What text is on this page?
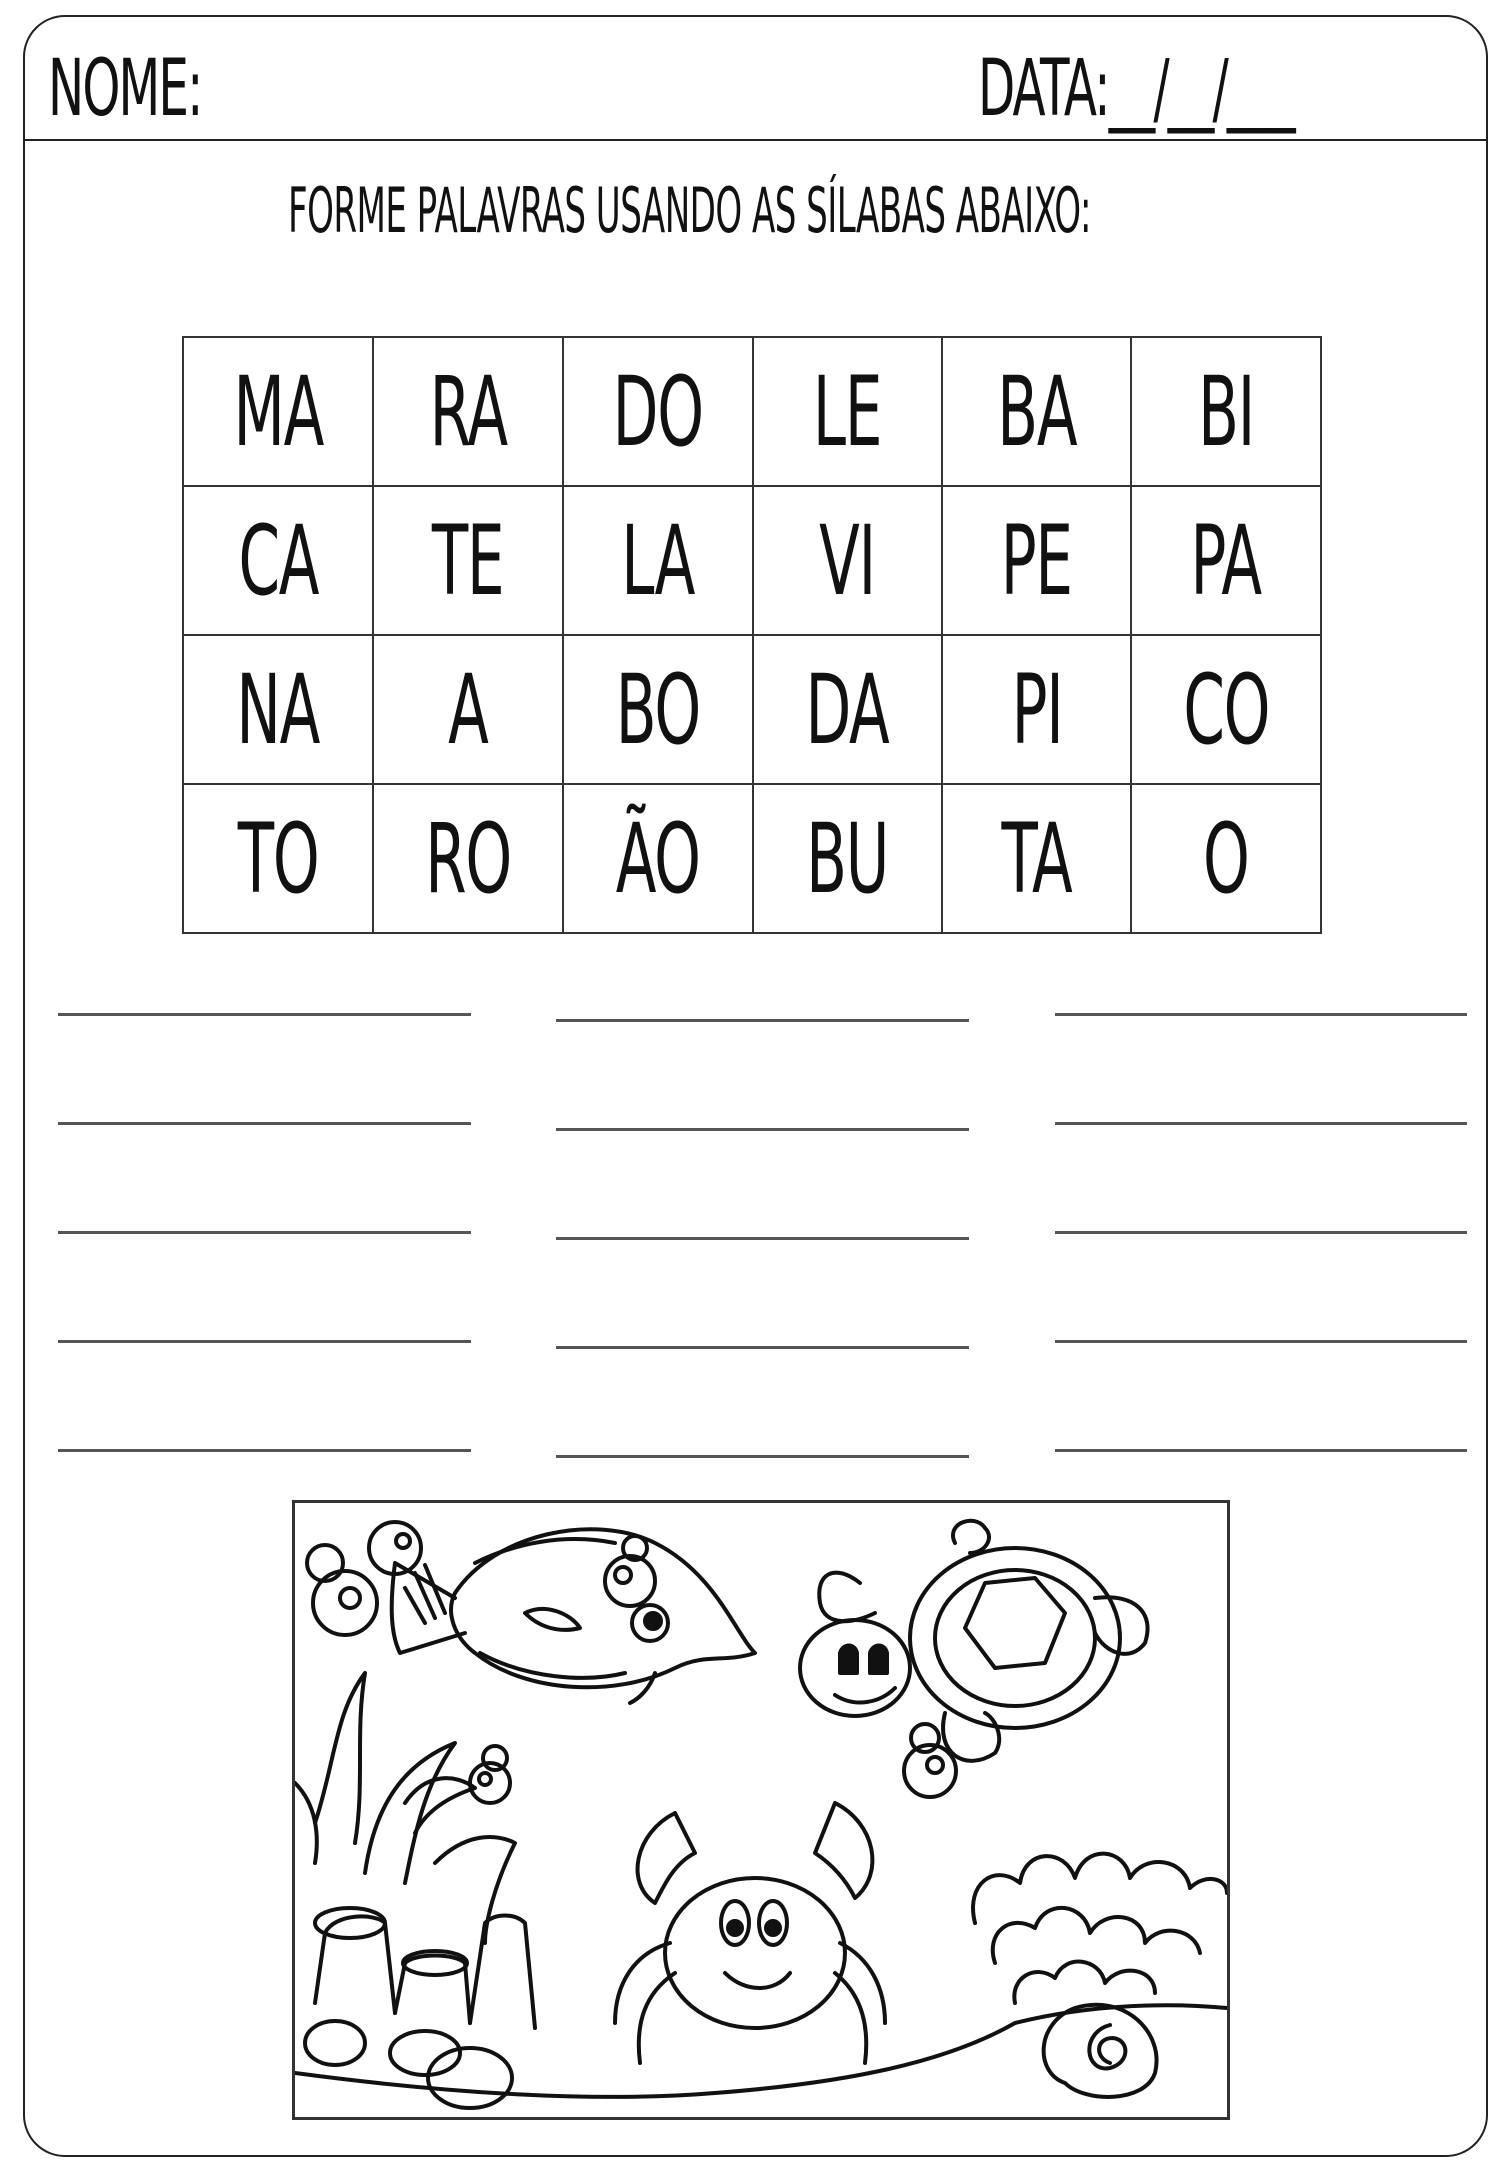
NOME:	DATA:__/__/___
FORME PALAVRAS USANDO AS SÍLABAS ABAIXO:
MA	RA	DO	LE	BA	BI
CA	TE	LA	VI	PE	PA
NA	A	BO	DA	PI	CO
TO	RO	ÃO	BU	TA	O
